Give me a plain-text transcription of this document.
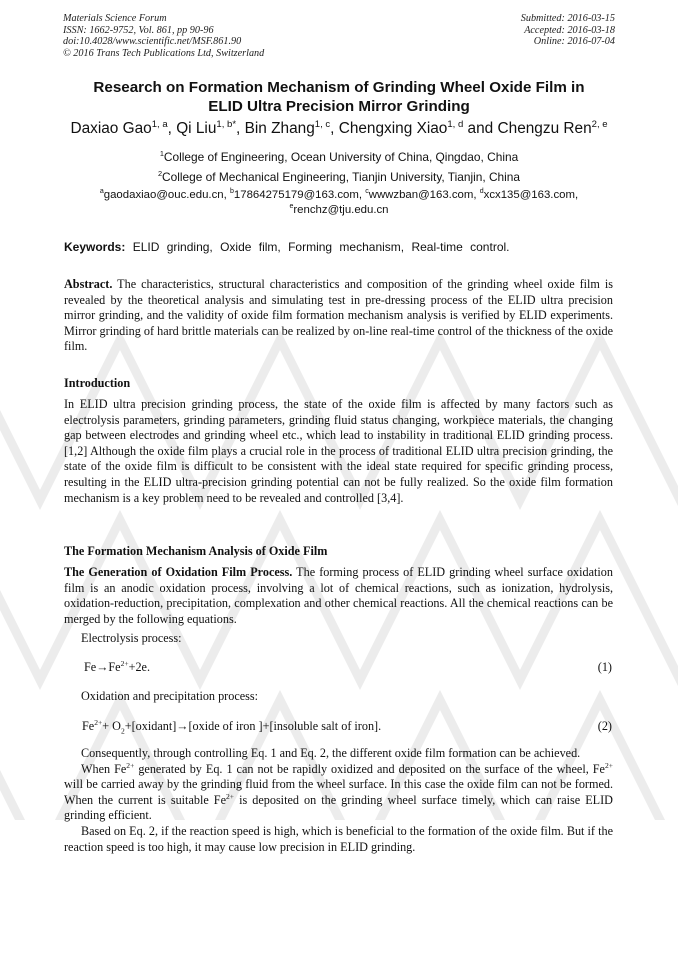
Materials Science Forum
ISSN: 1662-9752, Vol. 861, pp 90-96
doi:10.4028/www.scientific.net/MSF.861.90
© 2016 Trans Tech Publications Ltd, Switzerland
Submitted: 2016-03-15
Accepted: 2016-03-18
Online: 2016-07-04
Research on Formation Mechanism of Grinding Wheel Oxide Film in
ELID Ultra Precision Mirror Grinding
Daxiao Gao$^{1, a}$, Qi Liu$^{1, b*}$, Bin Zhang$^{1, c}$, Chengxing Xiao$^{1, d}$ and Chengzu Ren$^{2, e}$
$^1$College of Engineering, Ocean University of China, Qingdao, China
$^2$College of Mechanical Engineering, Tianjin University, Tianjin, China
$^a$gaodaxiao@ouc.edu.cn, $^b$17864275179@163.com, $^c$wwwzban@163.com, $^d$xcx135@163.com,
$^e$renchz@tju.edu.cn
Keywords: ELID grinding, Oxide film, Forming mechanism, Real-time control.

Abstract. The characteristics, structural characteristics and composition of the grinding wheel oxide film is revealed by the theoretical analysis and simulating test in pre-dressing process of the ELID ultra precision mirror grinding, and the validity of oxide film formation mechanism analysis is verified by ELID experiments. Mirror grinding of hard brittle materials can be realized by on-line real-time control of the thickness of the oxide film.

Introduction

In ELID ultra precision grinding process, the state of the oxide film is affected by many factors such as electrolysis parameters, grinding parameters, grinding fluid status changing, workpiece materials, the changing gap between electrodes and grinding wheel etc., which lead to instability in traditional ELID grinding process. [1,2] Although the oxide film plays a crucial role in the process of traditional ELID ultra precision grinding, the state of the oxide film is difficult to be consistent with the ideal state required for specific grinding process, resulting in the ELID ultra-precision grinding potential can not be fully realized. So the oxide film formation mechanism is a key problem need to be revealed and controlled [3,4].

The Formation Mechanism Analysis of Oxide Film

The Generation of Oxidation Film Process. The forming process of ELID grinding wheel surface oxidation film is an anodic oxidation process, involving a lot of chemical reactions, such as ionization, hydrolysis, oxidation-reduction, precipitation, complexation and other chemical reactions. All the chemical reactions can be merged by the following equations.

Electrolysis process:
$Fe\to Fe^{2+}+2e$.	(1)
Oxidation and precipitation process:
$Fe^{2+}+$ $O_2+[oxidant]\to[oxide$ of iron ]+[insoluble salt of iron].	(2)

Consequently, through controlling Eq. 1 and Eq. 2, the different oxide film formation can be achieved.

When $Fe^{2+}$ generated by Eq. 1 can not be rapidly oxidized and deposited on the surface of the wheel, $Fe^{2+}$ will be carried away by the grinding fluid from the wheel surface. In this case the oxide film can not be formed. When the current is suitable $Fe^{2+}$ is deposited on the grinding wheel surface timely, which can raise ELID grinding efficient.

Based on Eq. 2, if the reaction speed is high, which is beneficial to the formation of the oxide film. But if the reaction speed is too high, it may cause low precision in ELID grinding.
